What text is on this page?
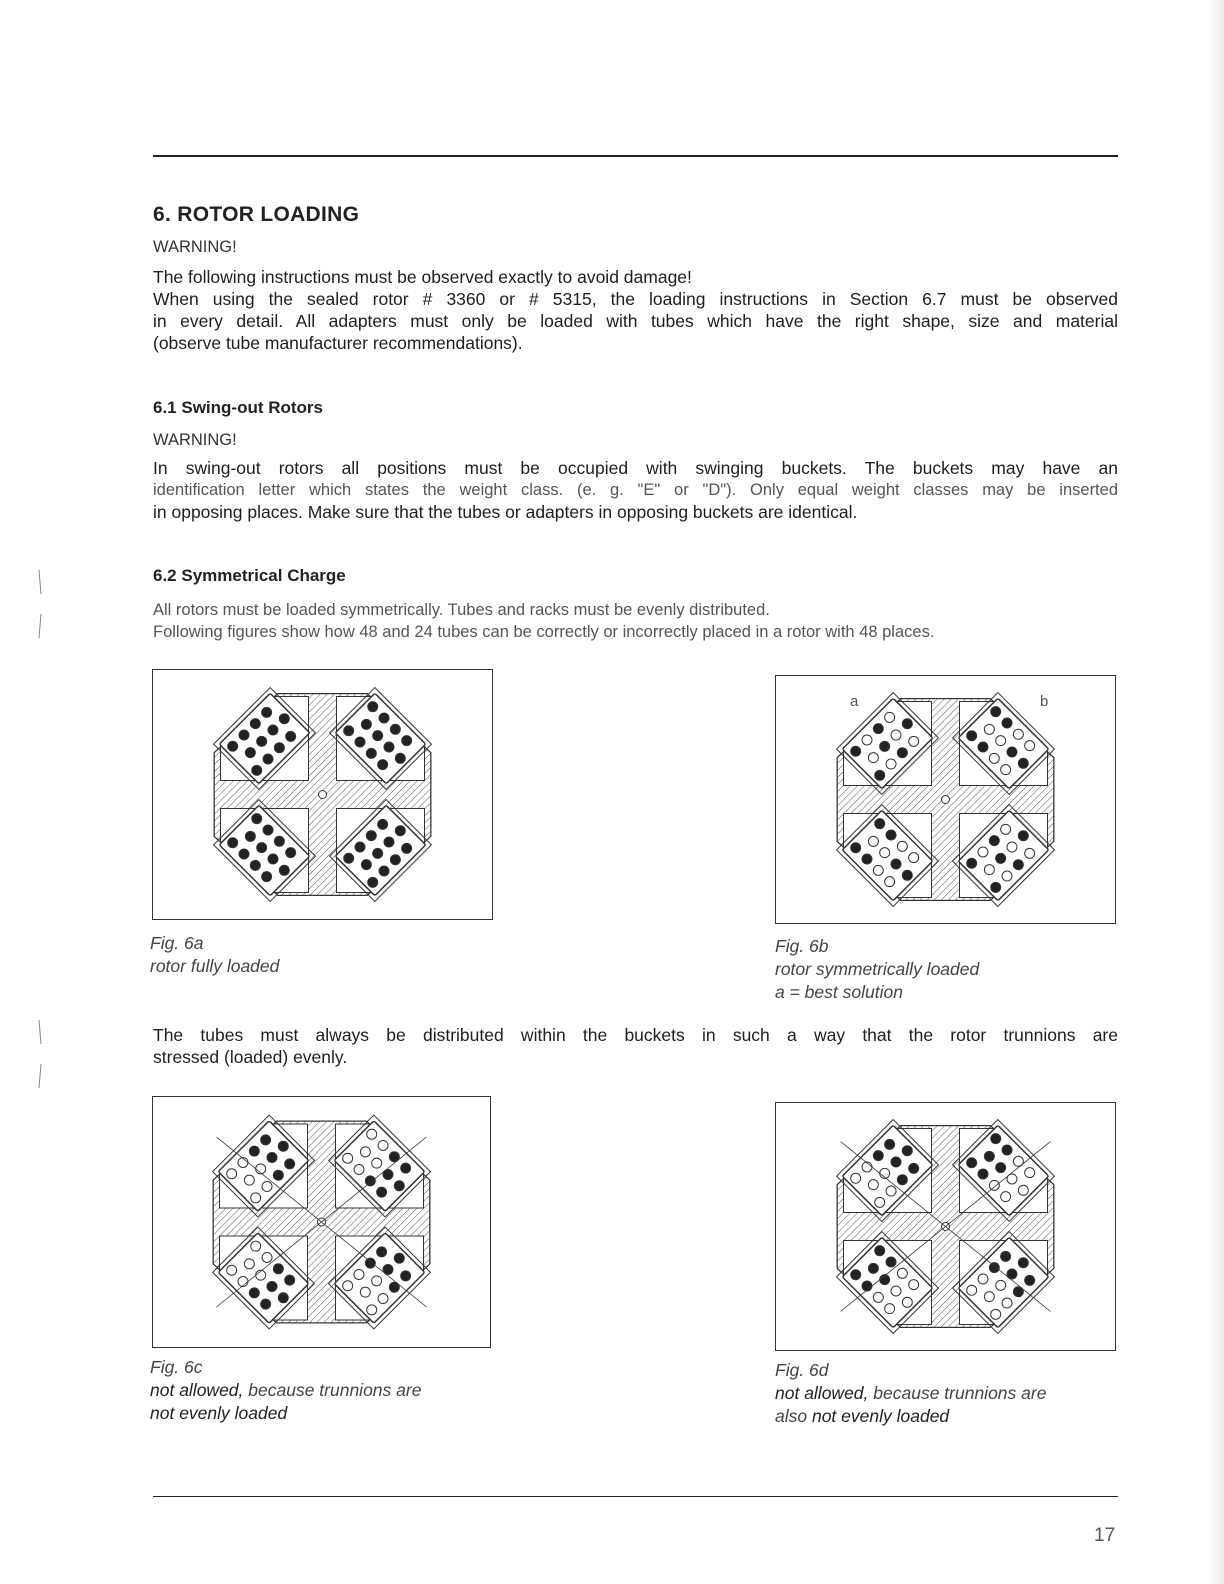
6. ROTOR LOADING
WARNING!

The following instructions must be observed exactly to avoid damage!

When using the sealed rotor # 3360 or # 5315, the loading instructions in Section 6.7 must be observed

in every detail. All adapters must only be loaded with tubes which have the right shape, size and material

(observe tube manufacturer recommendations).

6.1 Swing-out Rotors
WARNING!

In swing-out rotors all positions must be occupied with swinging buckets. The buckets may have an

identification letter which states the weight class. (e. g. "E" or "D"). Only equal weight classes may be inserted

in opposing places. Make sure that the tubes or adapters in opposing buckets are identical.

6.2 Symmetrical Charge

All rotors must be loaded symmetrically. Tubes and racks must be evenly distributed.

Following figures show how 48 and 24 tubes can be correctly or incorrectly placed in a rotor with 48 places.

a	b
Fig. 6a
rotor fully loaded
Fig. 6b
rotor symmetrically loaded
a = best solution

The tubes must always be distributed within the buckets in such a way that the rotor trunnions are

stressed (loaded) evenly.

Fig. 6c
not allowed, because trunnions are
not evenly loaded
Fig. 6d
not allowed, because trunnions are
also not evenly loaded
17
